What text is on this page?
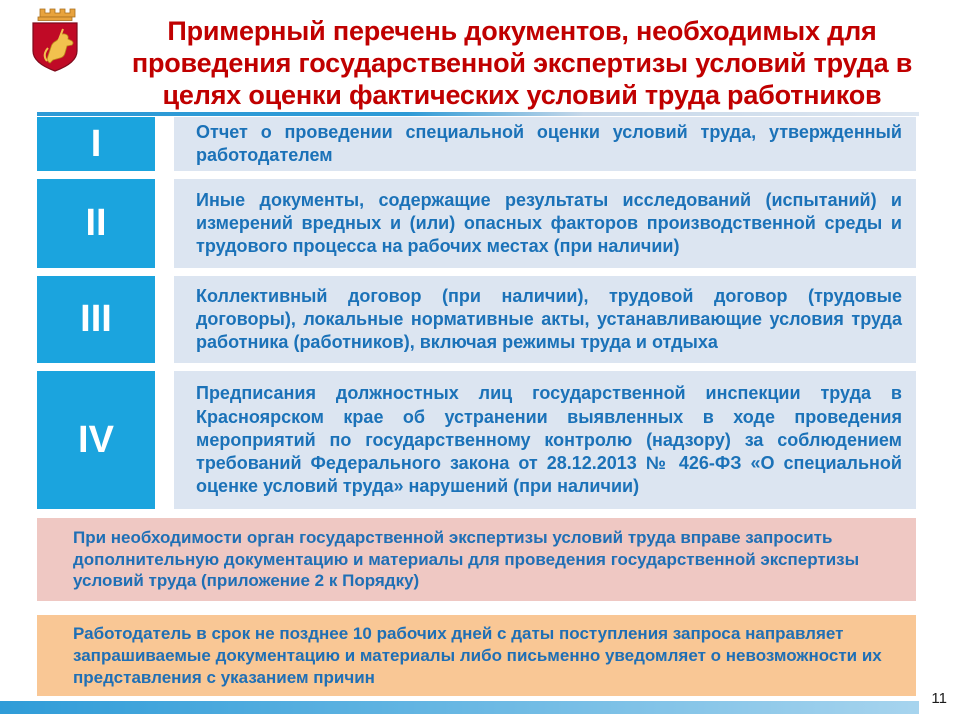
Примерный перечень документов, необходимых для проведения государственной экспертизы условий труда в целях оценки фактических условий труда работников
I	Отчет о проведении специальной оценки условий труда, утвержденный работодателем

II

Иные документы, содержащие результаты исследований (испытаний) и измерений вредных и (или) опасных факторов производственной среды и трудового процесса на рабочих местах (при наличии)

III

Коллективный договор (при наличии), трудовой договор (трудовые договоры), локальные нормативные акты, устанавливающие условия труда работника (работников), включая режимы труда и отдыха

IV

Предписания должностных лиц государственной инспекции труда в Красноярском крае об устранении выявленных в ходе проведения мероприятий по государственному контролю (надзору) за соблюдением требований Федерального закона от 28.12.2013 № 426-ФЗ «О специальной оценке условий труда» нарушений (при наличии)

При необходимости орган государственной экспертизы условий труда вправе запросить дополнительную документацию и материалы для проведения государственной экспертизы условий труда (приложение 2 к Порядку)

Работодатель в срок не позднее 10 рабочих дней с даты поступления запроса направляет запрашиваемые документацию и материалы либо письменно уведомляет о невозможности их представления с указанием причин

11
